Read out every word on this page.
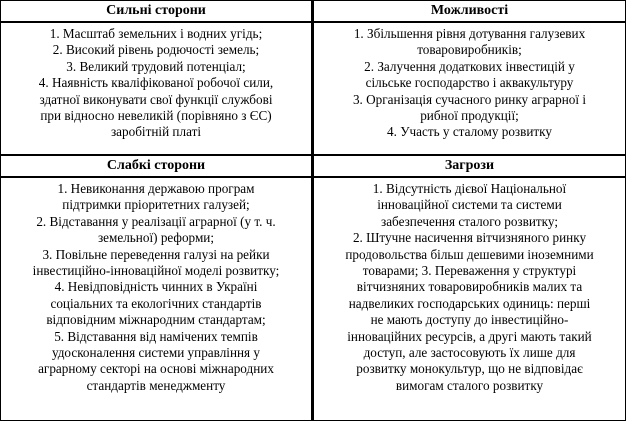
Сильні сторони	Можливості
1. Масштаб земельних і водних угідь;
2. Високий рівень родючості земель;
3. Великий трудовий потенціал;
4. Наявність кваліфікованої робочої сили,
здатної виконувати свої функції службові
при відносно невеликій (порівняно з ЄС)
заробітній платі
1. Збільшення рівня дотування галузевих
товаровиробників;
2. Залучення додаткових інвестицій у
сільське господарство і аквакультуру
3. Організація сучасного ринку аграрної і
рибної продукції;
4. Участь у сталому розвитку
Слабкі сторони	Загрози
1. Невиконання державою програм
підтримки пріоритетних галузей;
2. Відставання у реалізації аграрної (у т. ч.
земельної) реформи;
3. Повільне переведення галузі на рейки
інвестиційно-інноваційної моделі розвитку;
4. Невідповідність чинних в Україні
соціальних та екологічних стандартів
відповідним міжнародним стандартам;
5. Відставання від намічених темпів
удосконалення системи управління у
аграрному секторі на основі міжнародних
стандартів менеджменту
1. Відсутність дієвої Національної
інноваційної системи та системи
забезпечення сталого розвитку;
2. Штучне насичення вітчизняного ринку
продовольства більш дешевими іноземними
товарами; 3. Переваження у структурі
вітчизняних товаровиробників малих та
надвеликих господарських одиниць: перші
не мають доступу до інвестиційно-
інноваційних ресурсів, а другі мають такий
доступ, але застосовують їх лише для
розвитку монокультур, що не відповідає
вимогам сталого розвитку
